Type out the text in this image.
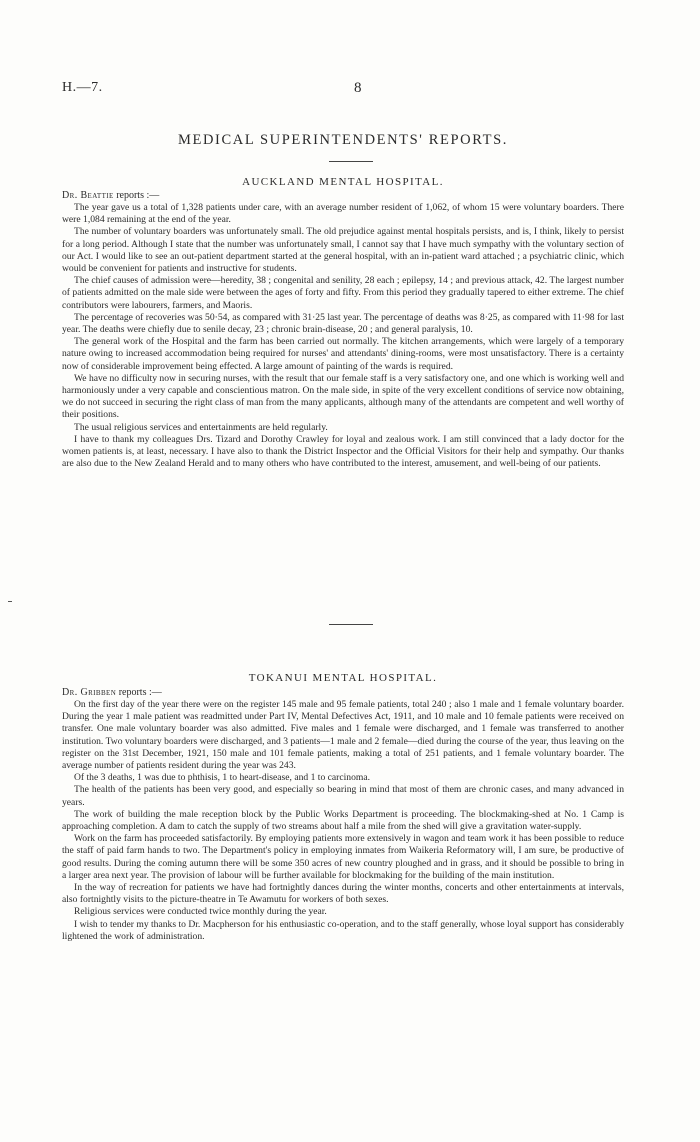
H.—7.	8
MEDICAL SUPERINTENDENTS' REPORTS.
AUCKLAND MENTAL HOSPITAL.
Dr. Beattie reports :—

The year gave us a total of 1,328 patients under care, with an average number resident of 1,062, of whom 15 were voluntary boarders. There were 1,084 remaining at the end of the year.

The number of voluntary boarders was unfortunately small. The old prejudice against mental hospitals persists, and is, I think, likely to persist for a long period. Although I state that the number was unfortunately small, I cannot say that I have much sympathy with the voluntary section of our Act. I would like to see an out-patient department started at the general hospital, with an in-patient ward attached ; a psychiatric clinic, which would be convenient for patients and instructive for students.

The chief causes of admission were—heredity, 38 ; congenital and senility, 28 each ; epilepsy, 14 ; and previous attack, 42. The largest number of patients admitted on the male side were between the ages of forty and fifty. From this period they gradually tapered to either extreme. The chief contributors were labourers, farmers, and Maoris.

The percentage of recoveries was 50·54, as compared with 31·25 last year. The percentage of deaths was 8·25, as compared with 11·98 for last year. The deaths were chiefly due to senile decay, 23 ; chronic brain-disease, 20 ; and general paralysis, 10.

The general work of the Hospital and the farm has been carried out normally. The kitchen arrangements, which were largely of a temporary nature owing to increased accommodation being required for nurses' and attendants' dining-rooms, were most unsatisfactory. There is a certainty now of considerable improvement being effected. A large amount of painting of the wards is required.

We have no difficulty now in securing nurses, with the result that our female staff is a very satisfactory one, and one which is working well and harmoniously under a very capable and conscientious matron. On the male side, in spite of the very excellent conditions of service now obtaining, we do not succeed in securing the right class of man from the many applicants, although many of the attendants are competent and well worthy of their positions.

The usual religious services and entertainments are held regularly.

I have to thank my colleagues Drs. Tizard and Dorothy Crawley for loyal and zealous work. I am still convinced that a lady doctor for the women patients is, at least, necessary. I have also to thank the District Inspector and the Official Visitors for their help and sympathy. Our thanks are also due to the New Zealand Herald and to many others who have contributed to the interest, amusement, and well-being of our patients.

TOKANUI MENTAL HOSPITAL.
Dr. Gribben reports :—

On the first day of the year there were on the register 145 male and 95 female patients, total 240 ; also 1 male and 1 female voluntary boarder. During the year 1 male patient was readmitted under Part IV, Mental Defectives Act, 1911, and 10 male and 10 female patients were received on transfer. One male voluntary boarder was also admitted. Five males and 1 female were discharged, and 1 female was transferred to another institution. Two voluntary boarders were discharged, and 3 patients—1 male and 2 female—died during the course of the year, thus leaving on the register on the 31st December, 1921, 150 male and 101 female patients, making a total of 251 patients, and 1 female voluntary boarder. The average number of patients resident during the year was 243.

Of the 3 deaths, 1 was due to phthisis, 1 to heart-disease, and 1 to carcinoma.

The health of the patients has been very good, and especially so bearing in mind that most of them are chronic cases, and many advanced in years.

The work of building the male reception block by the Public Works Department is proceeding. The blockmaking-shed at No. 1 Camp is approaching completion. A dam to catch the supply of two streams about half a mile from the shed will give a gravitation water-supply.

Work on the farm has proceeded satisfactorily. By employing patients more extensively in wagon and team work it has been possible to reduce the staff of paid farm hands to two. The Department's policy in employing inmates from Waikeria Reformatory will, I am sure, be productive of good results. During the coming autumn there will be some 350 acres of new country ploughed and in grass, and it should be possible to bring in a larger area next year. The provision of labour will be further available for blockmaking for the building of the main institution.

In the way of recreation for patients we have had fortnightly dances during the winter months, concerts and other entertainments at intervals, also fortnightly visits to the picture-theatre in Te Awamutu for workers of both sexes.

Religious services were conducted twice monthly during the year.

I wish to tender my thanks to Dr. Macpherson for his enthusiastic co-operation, and to the staff generally, whose loyal support has considerably lightened the work of administration.
